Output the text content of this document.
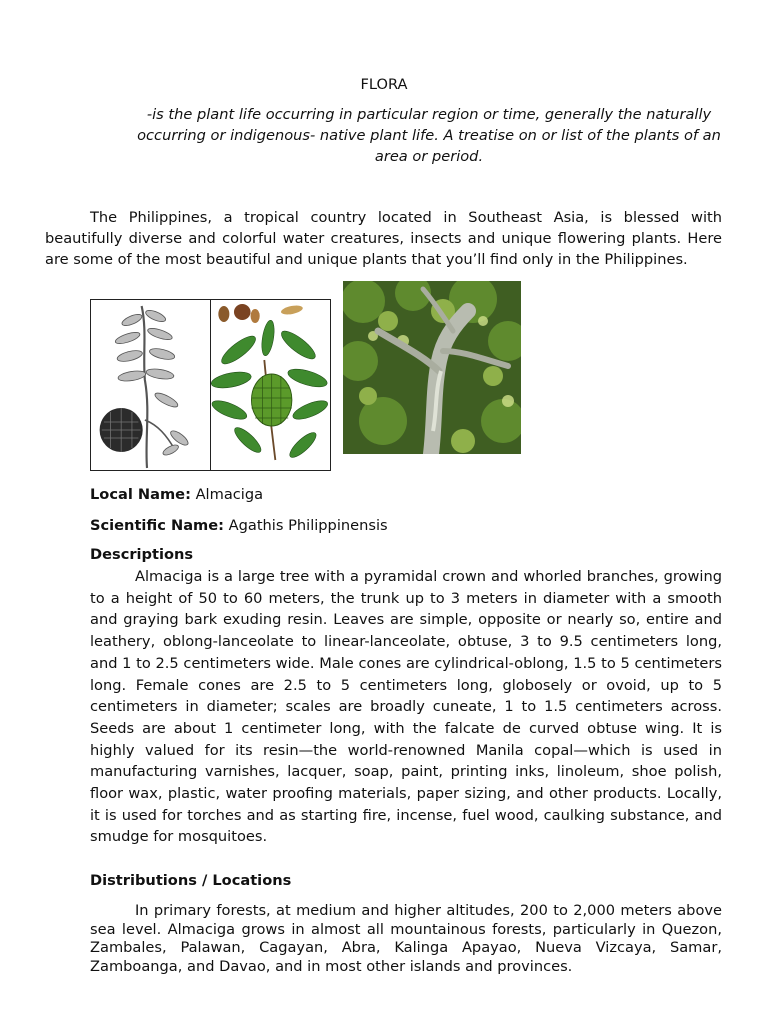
FLORA

-is the plant life occurring in particular region or time, generally the naturally occurring or indigenous- native plant life. A treatise on or list of the plants of an area or period.

The Philippines, a tropical country located in Southeast Asia, is blessed with beautifully diverse and colorful water creatures, insects and unique flowering plants. Here are some of the most beautiful and unique plants that you’ll find only in the Philippines.

Local Name: Almaciga

Scientific Name: Agathis Philippinensis

Descriptions

Almaciga is a large tree with a pyramidal crown and whorled branches, growing to a height of 50 to 60 meters, the trunk up to 3 meters in diameter with a smooth and graying bark exuding resin. Leaves are simple, opposite or nearly so, entire and leathery, oblong-lanceolate to linear-lanceolate, obtuse, 3 to 9.5 centimeters long, and 1 to 2.5 centimeters wide. Male cones are cylindrical-oblong, 1.5 to 5 centimeters long. Female cones are 2.5 to 5 centimeters long, globosely or ovoid, up to 5 centimeters in diameter; scales are broadly cuneate, 1 to 1.5 centimeters across. Seeds are about 1 centimeter long, with the falcate de curved obtuse wing. It is highly valued for its resin—the world-renowned Manila copal—which is used in manufacturing varnishes, lacquer, soap, paint, printing inks, linoleum, shoe polish, floor wax, plastic, water proofing materials, paper sizing, and other products. Locally, it is used for torches and as starting fire, incense, fuel wood, caulking substance, and smudge for mosquitoes.

Distributions / Locations

In primary forests, at medium and higher altitudes, 200 to 2,000 meters above sea level. Almaciga grows in almost all mountainous forests, particularly in Quezon, Zambales, Palawan, Cagayan, Abra, Kalinga Apayao, Nueva Vizcaya, Samar, Zamboanga, and Davao, and in most other islands and provinces.
